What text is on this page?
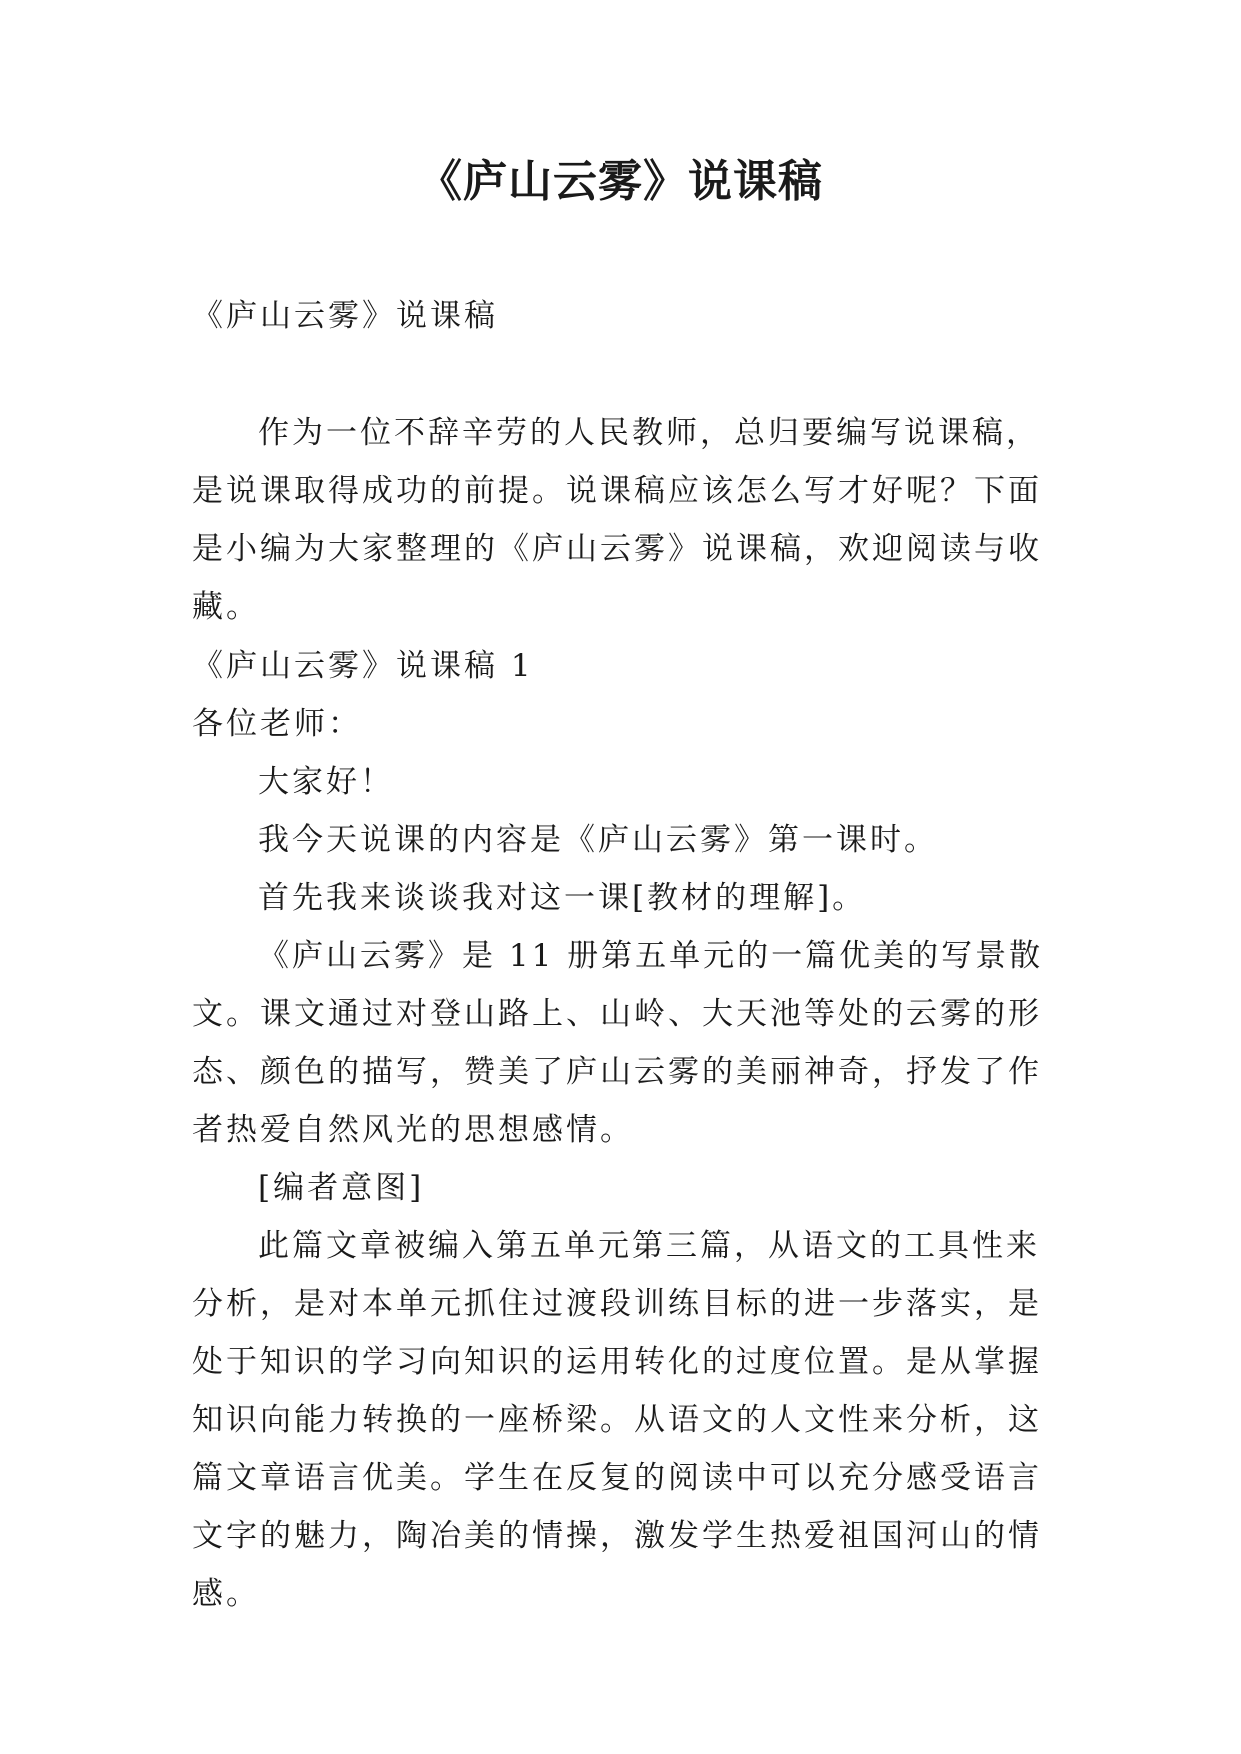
《庐山云雾》说课稿

《庐山云雾》说课稿

作为一位不辞辛劳的人民教师，总归要编写说课稿，是说课取得成功的前提。说课稿应该怎么写才好呢？下面是小编为大家整理的《庐山云雾》说课稿，欢迎阅读与收藏。

《庐山云雾》说课稿 1

各位老师：

大家好！

我今天说课的内容是《庐山云雾》第一课时。

首先我来谈谈我对这一课[教材的理解]。

《庐山云雾》是 11 册第五单元的一篇优美的写景散文。课文通过对登山路上、山岭、大天池等处的云雾的形态、颜色的描写，赞美了庐山云雾的美丽神奇，抒发了作者热爱自然风光的思想感情。

[编者意图]

此篇文章被编入第五单元第三篇，从语文的工具性来分析，是对本单元抓住过渡段训练目标的进一步落实，是处于知识的学习向知识的运用转化的过度位置。是从掌握知识向能力转换的一座桥梁。从语文的人文性来分析，这篇文章语言优美。学生在反复的阅读中可以充分感受语言文字的魅力，陶冶美的情操，激发学生热爱祖国河山的情感。
